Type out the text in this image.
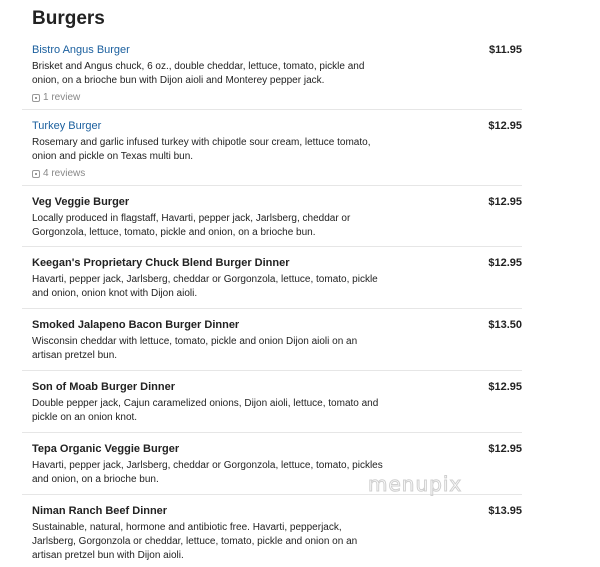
Burgers
Bistro Angus Burger	$11.95
Brisket and Angus chuck, 6 oz., double cheddar, lettuce, tomato, pickle and onion, on a brioche bun with Dijon aioli and Monterey pepper jack.
1 review
Turkey Burger	$12.95
Rosemary and garlic infused turkey with chipotle sour cream, lettuce tomato, onion and pickle on Texas multi bun.
4 reviews
Veg Veggie Burger	$12.95
Locally produced in flagstaff, Havarti, pepper jack, Jarlsberg, cheddar or Gorgonzola, lettuce, tomato, pickle and onion, on a brioche bun.
Keegan's Proprietary Chuck Blend Burger Dinner	$12.95
Havarti, pepper jack, Jarlsberg, cheddar or Gorgonzola, lettuce, tomato, pickle and onion, onion knot with Dijon aioli.
Smoked Jalapeno Bacon Burger Dinner	$13.50
Wisconsin cheddar with lettuce, tomato, pickle and onion Dijon aioli on an artisan pretzel bun.
Son of Moab Burger Dinner	$12.95
Double pepper jack, Cajun caramelized onions, Dijon aioli, lettuce, tomato and pickle on an onion knot.
Tepa Organic Veggie Burger	$12.95
Havarti, pepper jack, Jarlsberg, cheddar or Gorgonzola, lettuce, tomato, pickles and onion, on a brioche bun.
Niman Ranch Beef Dinner	$13.95
Sustainable, natural, hormone and antibiotic free. Havarti, pepperjack, Jarlsberg, Gorgonzola or cheddar, lettuce, tomato, pickle and onion on an artisan pretzel bun with Dijon aioli.
menupix
